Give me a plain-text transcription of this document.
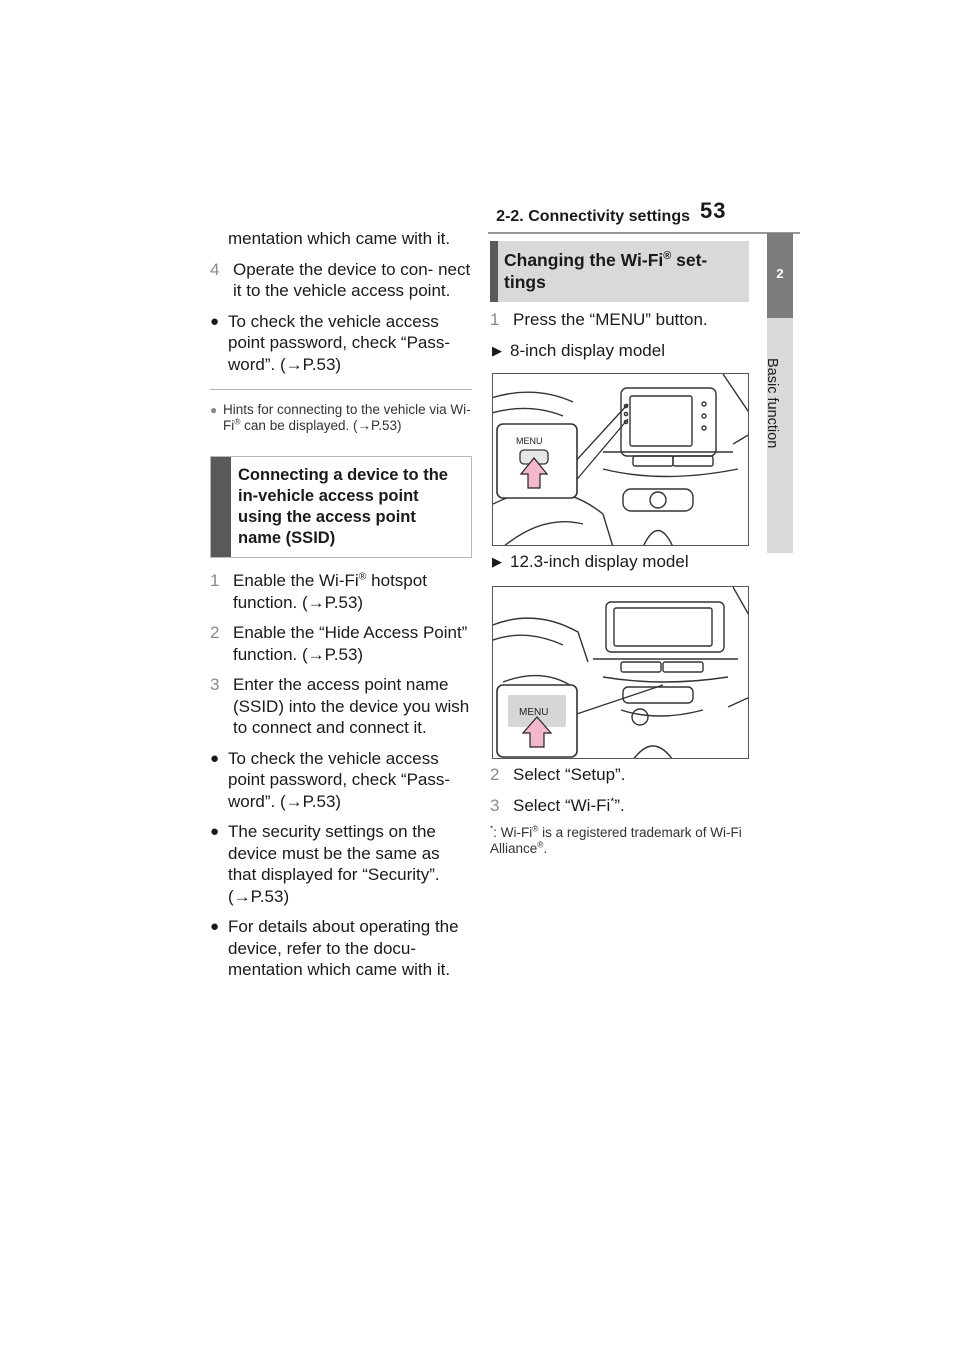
2-2. Connectivity settings 53
2
Basic function
mentation which came with it.
4 Operate the device to con- nect it to the vehicle access point.
● To check the vehicle access point password, check “Pass- word”. (→P.53)
● Hints for connecting to the vehicle via Wi-Fi® can be displayed. (→P.53)
Connecting a device to the in-vehicle access point using the access point name (SSID)
1 Enable the Wi-Fi® hotspot function. (→P.53)
2 Enable the “Hide Access Point” function. (→P.53)
3 Enter the access point name (SSID) into the device you wish to connect and connect it.
● To check the vehicle access point password, check “Pass- word”. (→P.53)
● The security settings on the device must be the same as that displayed for “Security”. (→P.53)
● For details about operating the device, refer to the docu- mentation which came with it.
Changing the Wi-Fi® set- tings
1 Press the “MENU” button.
▶ 8-inch display model
MENU
▶ 12.3-inch display model
MENU
2 Select “Setup”.
3 Select “Wi-Fi*”.
*: Wi-Fi® is a registered trademark of Wi-Fi Alliance®.
